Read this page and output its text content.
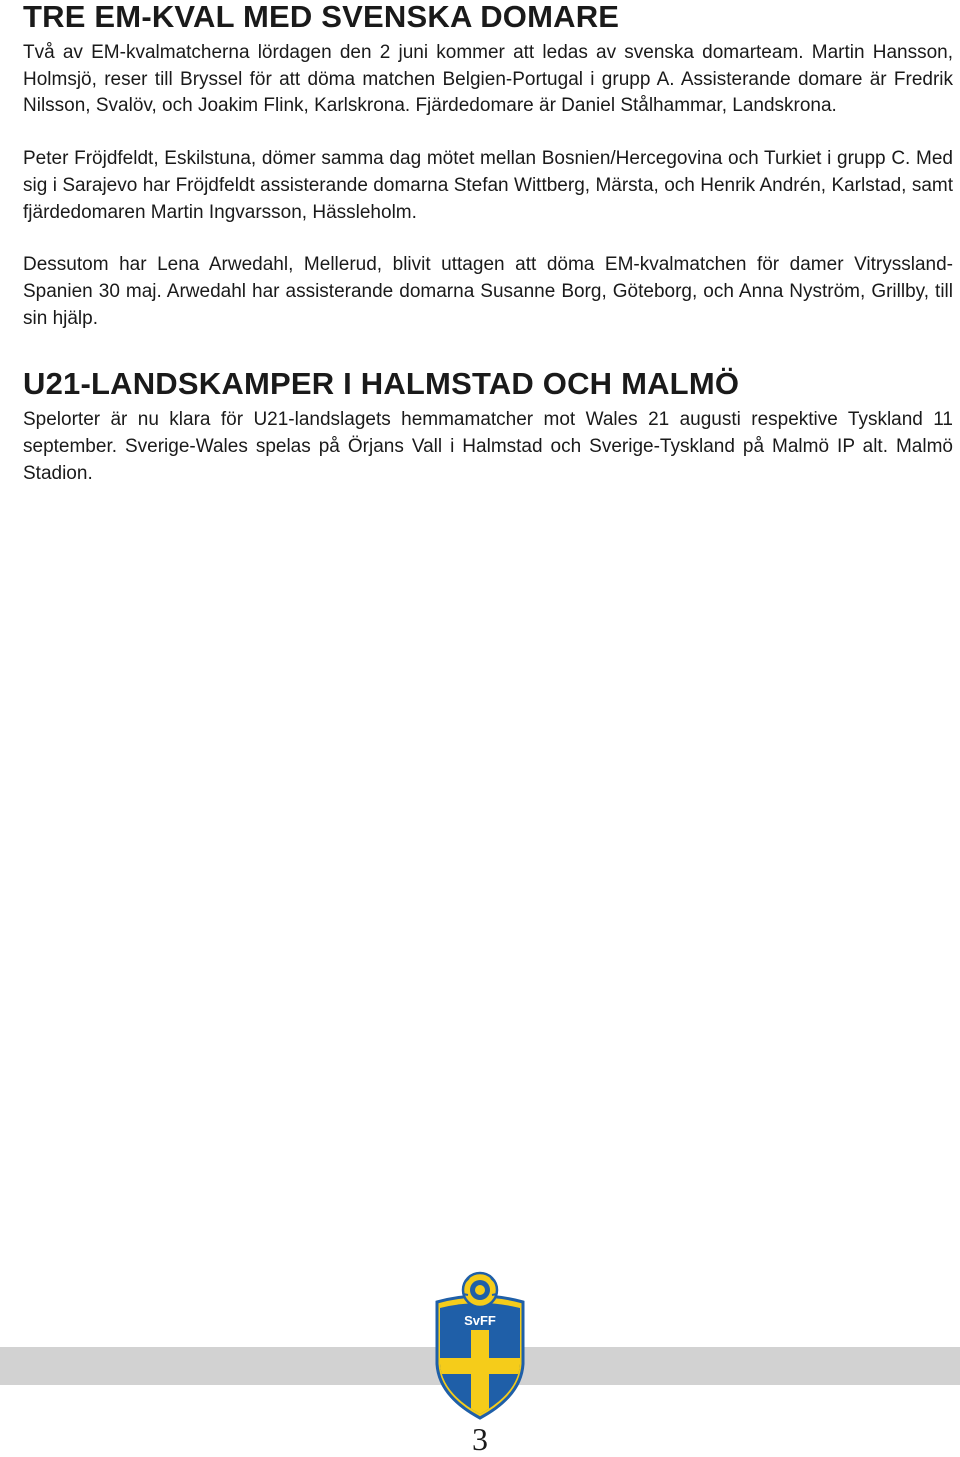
TRE EM-KVAL MED SVENSKA DOMARE

Två av EM-kvalmatcherna lördagen den 2 juni kommer att ledas av svenska domarteam. Martin Hansson, Holmsjö, reser till Bryssel för att döma matchen Belgien-Portugal i grupp A. Assisterande domare är Fredrik Nilsson, Svalöv, och Joakim Flink, Karlskrona. Fjärdedomare är Daniel Stålhammar, Landskrona.

Peter Fröjdfeldt, Eskilstuna, dömer samma dag mötet mellan Bosnien/Hercegovina och Turkiet i grupp C. Med sig i Sarajevo har Fröjdfeldt assisterande domarna Stefan Wittberg, Märsta, och Henrik Andrén, Karlstad, samt fjärdedomaren Martin Ingvarsson, Hässleholm.

Dessutom har Lena Arwedahl, Mellerud, blivit uttagen att döma EM-kvalmatchen för damer Vitryssland-Spanien 30 maj. Arwedahl har assisterande domarna Susanne Borg, Göteborg, och Anna Nyström, Grillby, till sin hjälp.

U21-LANDSKAMPER I HALMSTAD OCH MALMÖ

Spelorter är nu klara för U21-landslagets hemmamatcher mot Wales 21 augusti respektive Tyskland 11 september. Sverige-Wales spelas på Örjans Vall i Halmstad och Sverige-Tyskland på Malmö IP alt. Malmö Stadion.

SvFF
3
